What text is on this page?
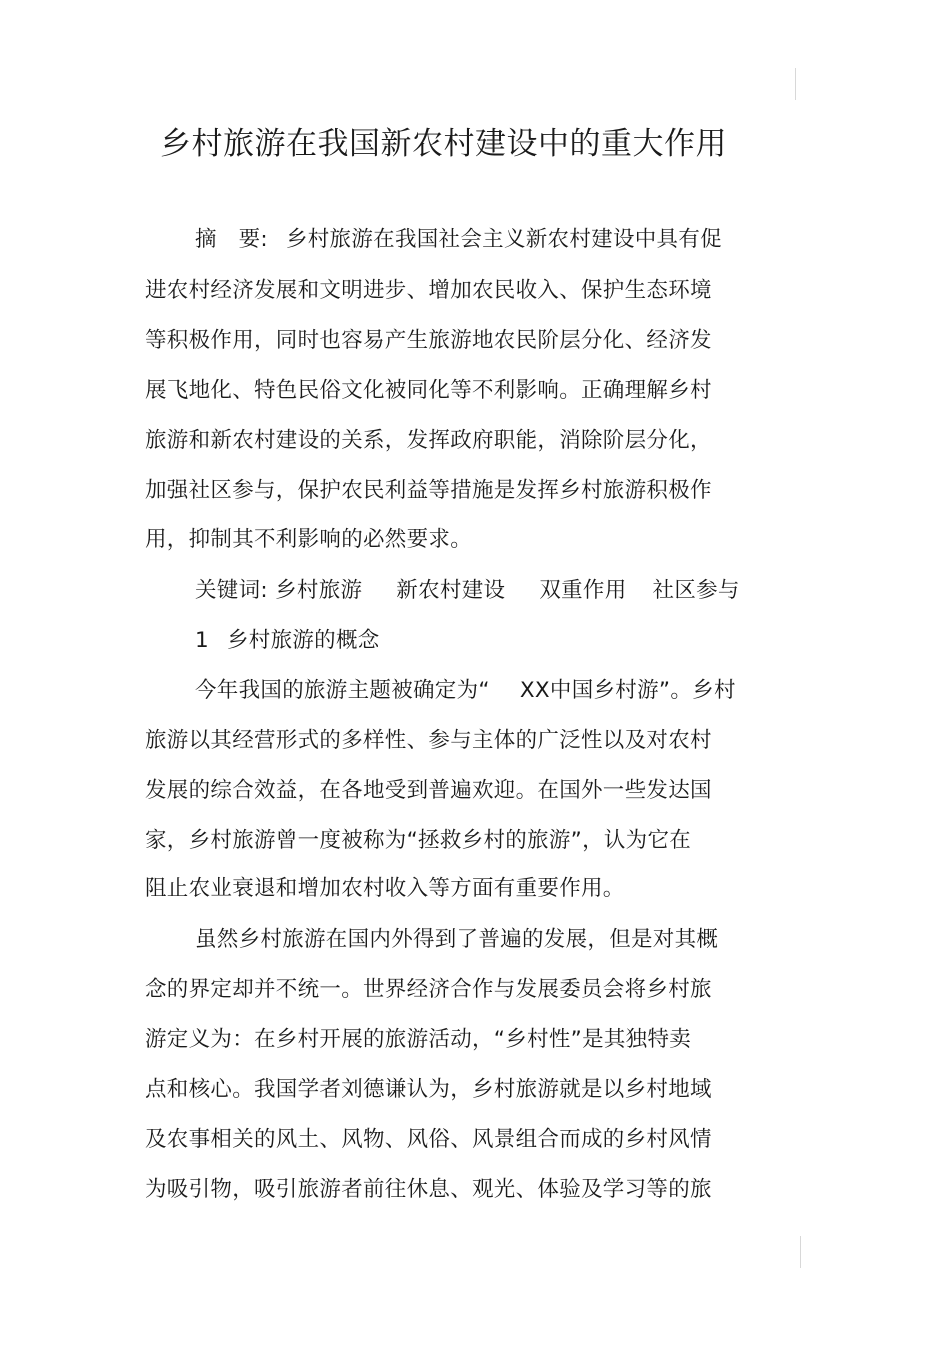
乡村旅游在我国新农村建设中的重大作用
摘　要: 乡村旅游在我国社会主义新农村建设中具有促
进农村经济发展和文明进步、增加农民收入、保护生态环境
等积极作用，同时也容易产生旅游地农民阶层分化、经济发
展飞地化、特色民俗文化被同化等不利影响。正确理解乡村
旅游和新农村建设的关系，发挥政府职能，消除阶层分化，
加强社区参与，保护农民利益等措施是发挥乡村旅游积极作
用，抑制其不利影响的必然要求。
关键词: 乡村旅游 新农村建设 双重作用 社区参与
1 乡村旅游的概念
今年我国的旅游主题被确定为“ XX中国乡村游”。乡村
旅游以其经营形式的多样性、参与主体的广泛性以及对农村
发展的综合效益，在各地受到普遍欢迎。在国外一些发达国
家，乡村旅游曾一度被称为“拯救乡村的旅游”，认为它在
阻止农业衰退和增加农村收入等方面有重要作用。
虽然乡村旅游在国内外得到了普遍的发展，但是对其概
念的界定却并不统一。世界经济合作与发展委员会将乡村旅
游定义为：在乡村开展的旅游活动，“乡村性”是其独特卖
点和核心。我国学者刘德谦认为，乡村旅游就是以乡村地域
及农事相关的风土、风物、风俗、风景组合而成的乡村风情
为吸引物，吸引旅游者前往休息、观光、体验及学习等的旅
